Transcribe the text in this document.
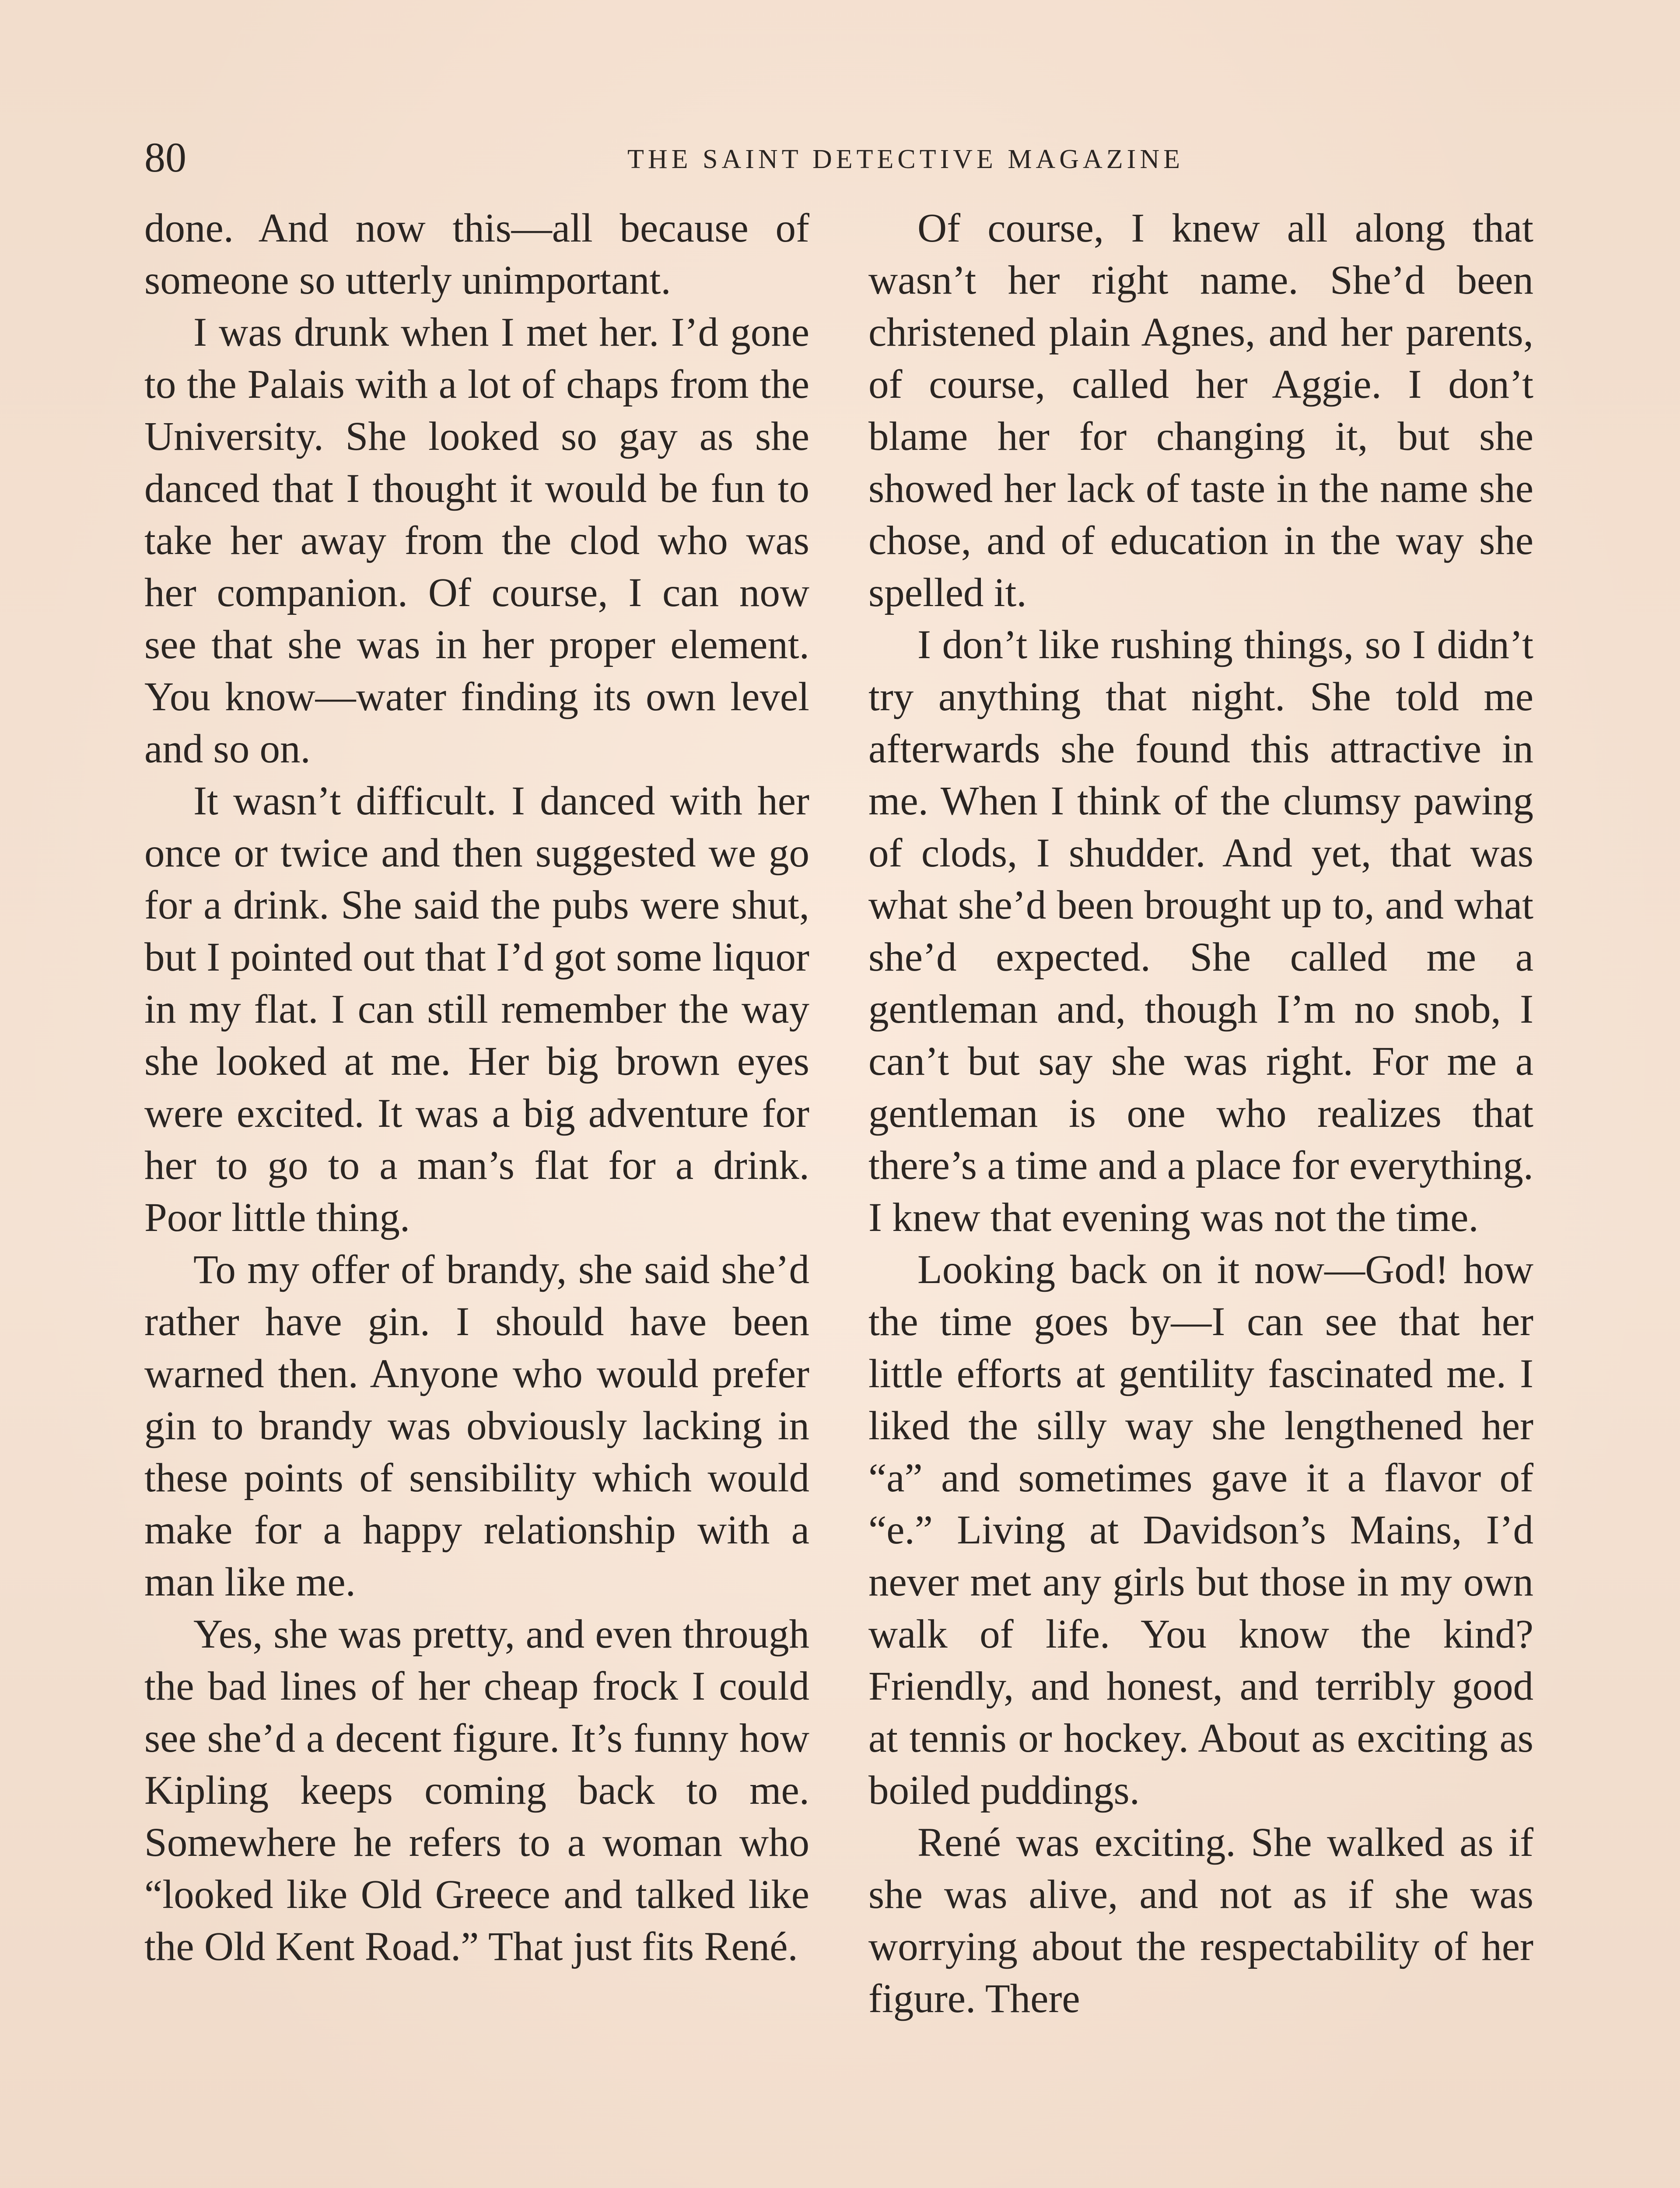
80	THE SAINT DETECTIVE MAGAZINE

done. And now this—all because of someone so utterly unimportant.

I was drunk when I met her. I’d gone to the Palais with a lot of chaps from the University. She looked so gay as she danced that I thought it would be fun to take her away from the clod who was her companion. Of course, I can now see that she was in her proper element. You know—water finding its own level and so on.

It wasn’t difficult. I danced with her once or twice and then suggested we go for a drink. She said the pubs were shut, but I pointed out that I’d got some liquor in my flat. I can still remember the way she looked at me. Her big brown eyes were excited. It was a big adventure for her to go to a man’s flat for a drink. Poor little thing.

To my offer of brandy, she said she’d rather have gin. I should have been warned then. Anyone who would prefer gin to brandy was obviously lacking in these points of sensibility which would make for a happy relationship with a man like me.

Yes, she was pretty, and even through the bad lines of her cheap frock I could see she’d a decent figure. It’s funny how Kipling keeps coming back to me. Somewhere he refers to a woman who “looked like Old Greece and talked like the Old Kent Road.” That just fits René.

Of course, I knew all along that wasn’t her right name. She’d been christened plain Agnes, and her parents, of course, called her Aggie. I don’t blame her for changing it, but she showed her lack of taste in the name she chose, and of education in the way she spelled it.

I don’t like rushing things, so I didn’t try anything that night. She told me afterwards she found this attractive in me. When I think of the clumsy pawing of clods, I shudder. And yet, that was what she’d been brought up to, and what she’d expected. She called me a gentleman and, though I’m no snob, I can’t but say she was right. For me a gentleman is one who realizes that there’s a time and a place for everything. I knew that evening was not the time.

Looking back on it now—God! how the time goes by—I can see that her little efforts at gentility fascinated me. I liked the silly way she lengthened her “a” and sometimes gave it a flavor of “e.” Living at Davidson’s Mains, I’d never met any girls but those in my own walk of life. You know the kind? Friendly, and honest, and terribly good at tennis or hockey. About as exciting as boiled puddings.

René was exciting. She walked as if she was alive, and not as if she was worrying about the respectability of her figure. There
